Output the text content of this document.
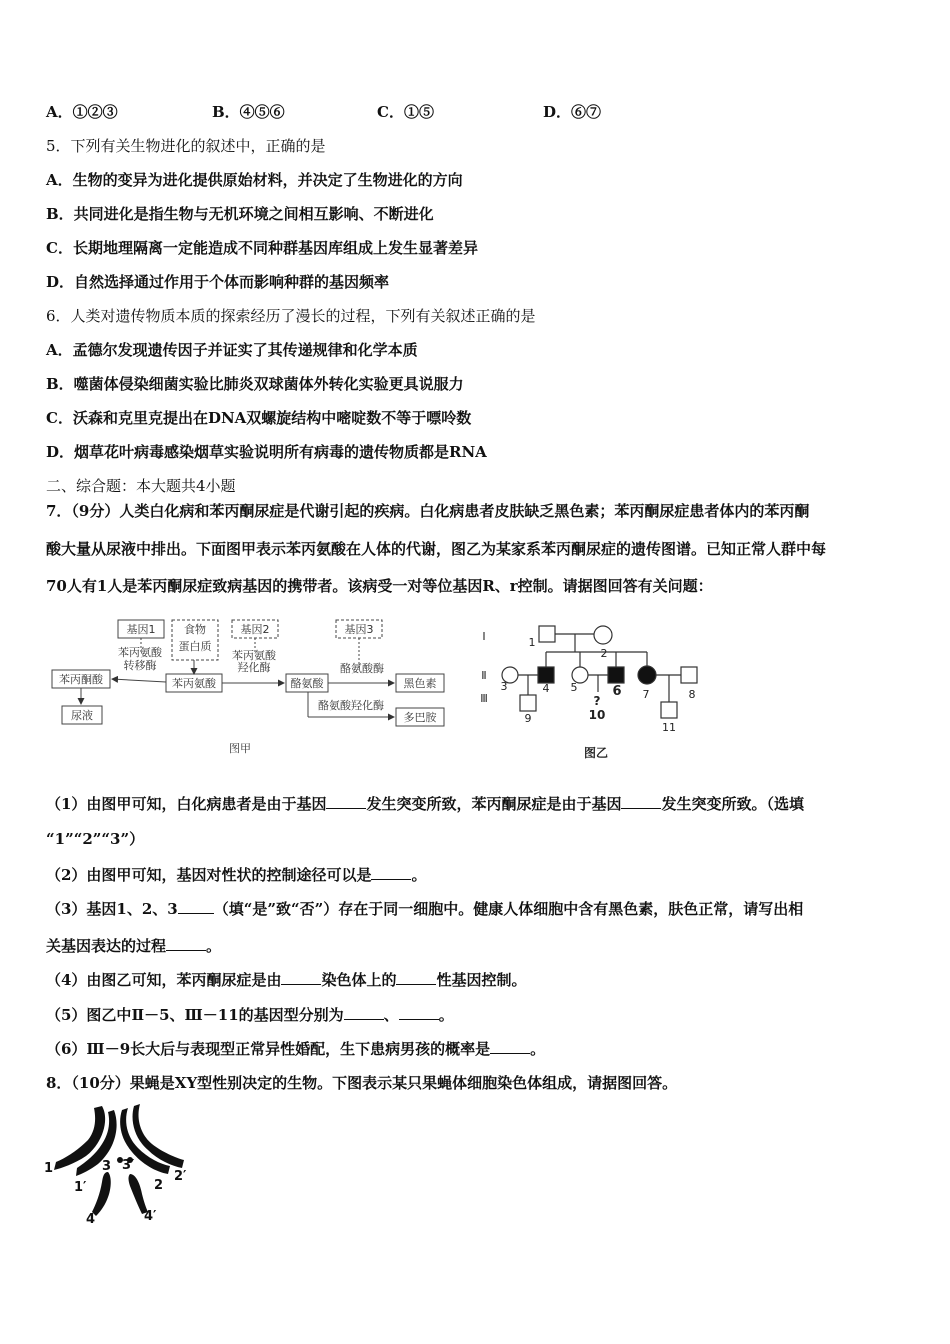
A．①②③	B．④⑤⑥	C．①⑤	D．⑥⑦
5．下列有关生物进化的叙述中，正确的是
A．生物的变异为进化提供原始材料，并决定了生物进化的方向
B．共同进化是指生物与无机环境之间相互影响、不断进化
C．长期地理隔离一定能造成不同种群基因库组成上发生显著差异
D．自然选择通过作用于个体而影响种群的基因频率
6．人类对遗传物质本质的探索经历了漫长的过程，下列有关叙述正确的是
A．孟德尔发现遗传因子并证实了其传递规律和化学本质
B．噬菌体侵染细菌实验比肺炎双球菌体外转化实验更具说服力
C．沃森和克里克提出在DNA双螺旋结构中嘧啶数不等于嘌呤数
D．烟草花叶病毒感染烟草实验说明所有病毒的遗传物质都是RNA
二、综合题：本大题共4小题
7．（9分）人类白化病和苯丙酮尿症是代谢引起的疾病。白化病患者皮肤缺乏黑色素；苯丙酮尿症患者体内的苯丙酮
酸大量从尿液中排出。下面图甲表示苯丙氨酸在人体的代谢，图乙为某家系苯丙酮尿症的遗传图谱。已知正常人群中每
70人有1人是苯丙酮尿症致病基因的携带者。该病受一对等位基因R、r控制。请据图回答有关问题：
基因1	食物
蛋白质
基因2	基因3
苯丙氨酸
转移酶
苯丙氨酸
羟化酶
苯丙酮酸	苯丙氨酸	酪氨酸
酪氨酸酶
黑色素
酪氨酸羟化酶
多巴胺
尿液
图甲
Ⅰ
Ⅱ
Ⅲ
1
2
3	4 5	6 7	8
9
?
10
11
图乙
（1）由图甲可知，白化病患者是由于基因	发生突变所致，苯丙酮尿症是由于基因	发生突变所致。（选填
“1”“2”“3”）
（2）由图甲可知，基因对性状的控制途径可以是	。
（3）基因1、2、3 （填“是”致“否”）存在于同一细胞中。健康人体细胞中含有黑色素，肤色正常，请写出相
关基因表达的过程	。
（4）由图乙可知，苯丙酮尿症是由	染色体上的	性基因控制。
（5）图乙中Ⅱ－5、Ⅲ－11的基因型分别为	、	。
（6）Ⅲ－9长大后与表现型正常异性婚配，生下患病男孩的概率是	。
8．（10分）果蝇是XY型性别决定的生物。下图表示某只果蝇体细胞染色体组成，请据图回答。
1
1′
3 3′
2
2′
4	4′
